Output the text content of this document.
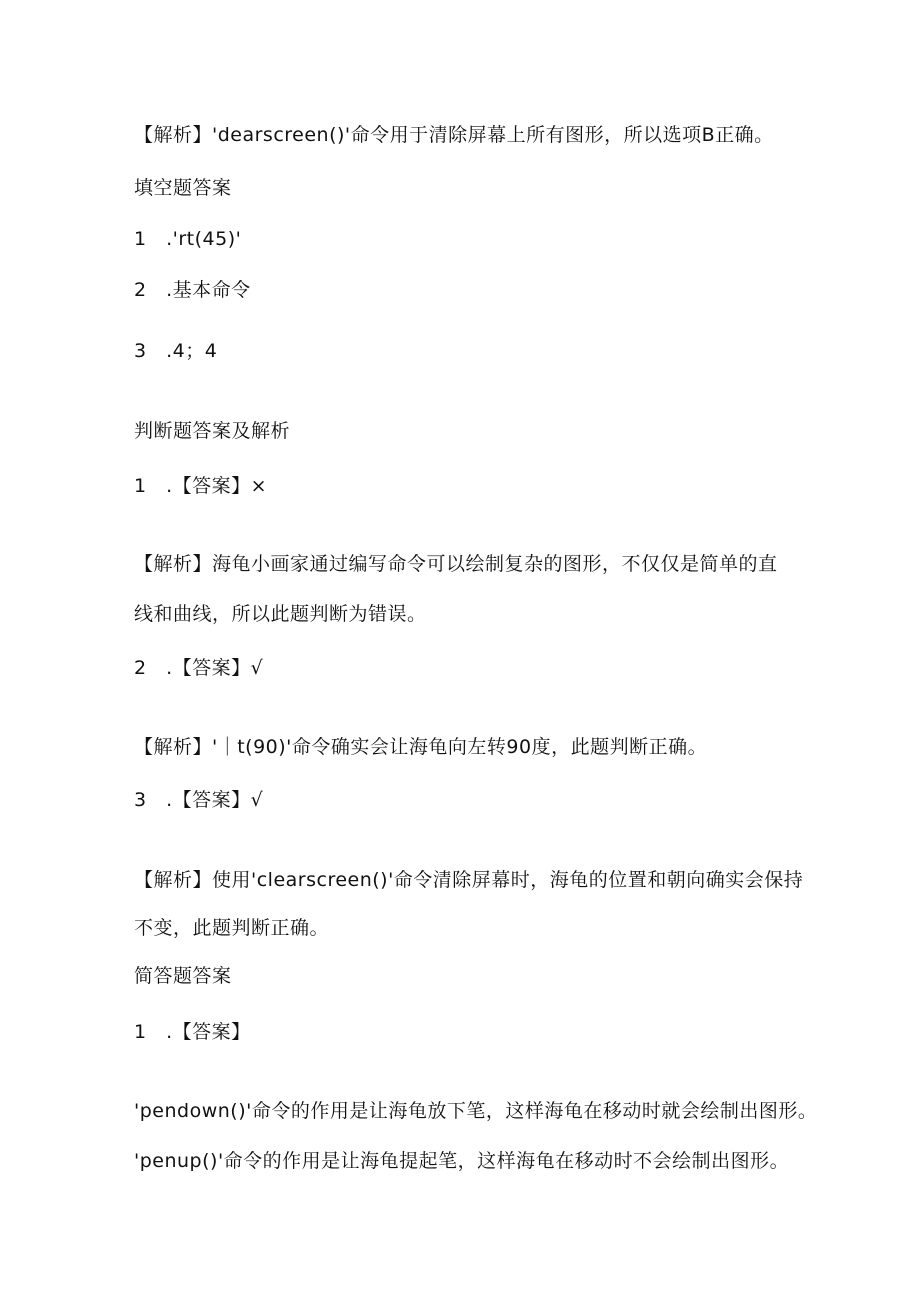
【解析】'dearscreen()'命令用于清除屏幕上所有图形，所以选项B正确。
填空题答案
1　.'rt(45)'
2　.基本命令
3　.4；4
判断题答案及解析
1　.【答案】×
【解析】海龟小画家通过编写命令可以绘制复杂的图形，不仅仅是简单的直
线和曲线，所以此题判断为错误。
2　.【答案】√
【解析】'｜t(90)'命令确实会让海龟向左转90度，此题判断正确。
3　.【答案】√
【解析】使用'clearscreen()'命令清除屏幕时，海龟的位置和朝向确实会保持
不变，此题判断正确。
简答题答案
1　.【答案】
'pendown()'命令的作用是让海龟放下笔，这样海龟在移动时就会绘制出图形。
'penup()'命令的作用是让海龟提起笔，这样海龟在移动时不会绘制出图形。
